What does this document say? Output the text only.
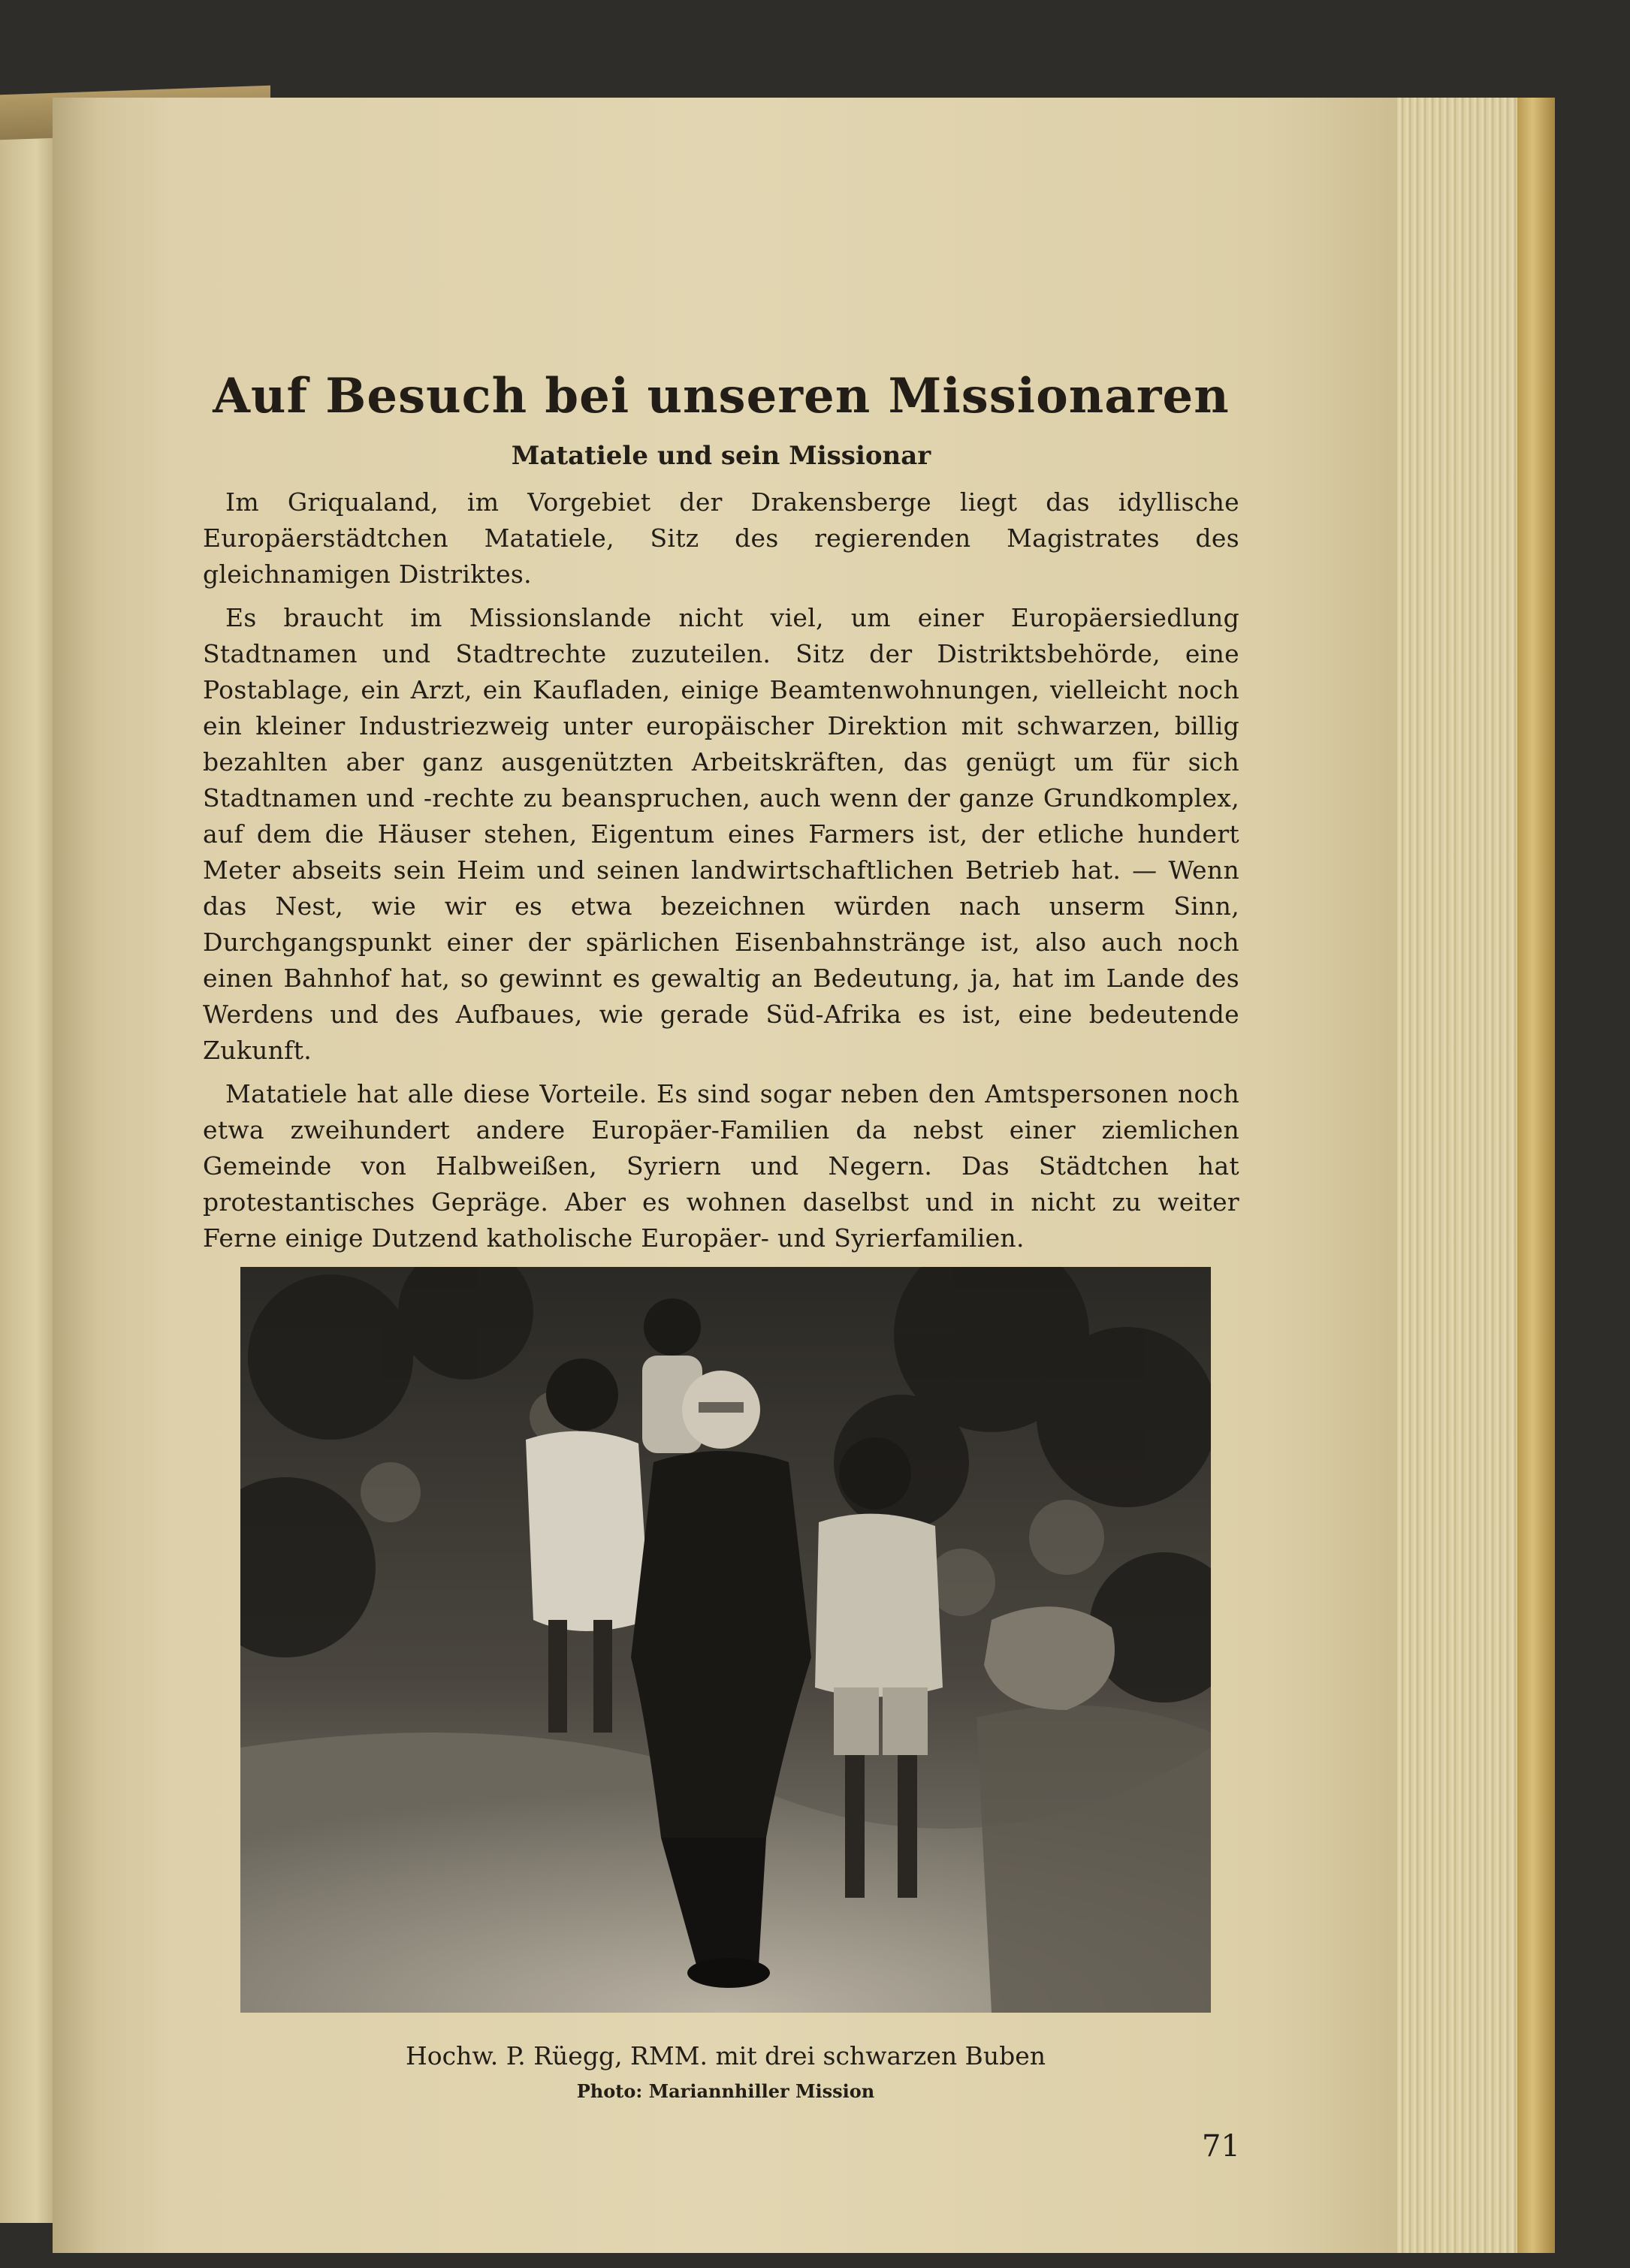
Auf Besuch bei unseren Missionaren
Matatiele und sein Missionar

Im Griqualand, im Vorgebiet der Drakensberge liegt das idyllische Europäerstädtchen Matatiele, Sitz des regierenden Magistrates des gleichnamigen Distriktes.

Es braucht im Missionslande nicht viel, um einer Europäersiedlung Stadtnamen und Stadtrechte zuzuteilen. Sitz der Distriktsbehörde, eine Postablage, ein Arzt, ein Kaufladen, einige Beamtenwohnungen, vielleicht noch ein kleiner Industriezweig unter europäischer Direktion mit schwarzen, billig bezahlten aber ganz ausgenützten Arbeitskräften, das genügt um für sich Stadtnamen und -rechte zu beanspruchen, auch wenn der ganze Grundkomplex, auf dem die Häuser stehen, Eigentum eines Farmers ist, der etliche hundert Meter abseits sein Heim und seinen landwirtschaftlichen Betrieb hat. — Wenn das Nest, wie wir es etwa bezeichnen würden nach unserm Sinn, Durchgangspunkt einer der spärlichen Eisenbahnstränge ist, also auch noch einen Bahnhof hat, so gewinnt es gewaltig an Bedeutung, ja, hat im Lande des Werdens und des Aufbaues, wie gerade Süd-Afrika es ist, eine bedeutende Zukunft.

Matatiele hat alle diese Vorteile. Es sind sogar neben den Amtspersonen noch etwa zweihundert andere Europäer-Familien da nebst einer ziemlichen Gemeinde von Halbweißen, Syriern und Negern. Das Städtchen hat protestantisches Gepräge. Aber es wohnen daselbst und in nicht zu weiter Ferne einige Dutzend katholische Europäer- und Syrierfamilien.

Hochw. P. Rüegg, RMM. mit drei schwarzen Buben
Photo: Mariannhiller Mission
71
